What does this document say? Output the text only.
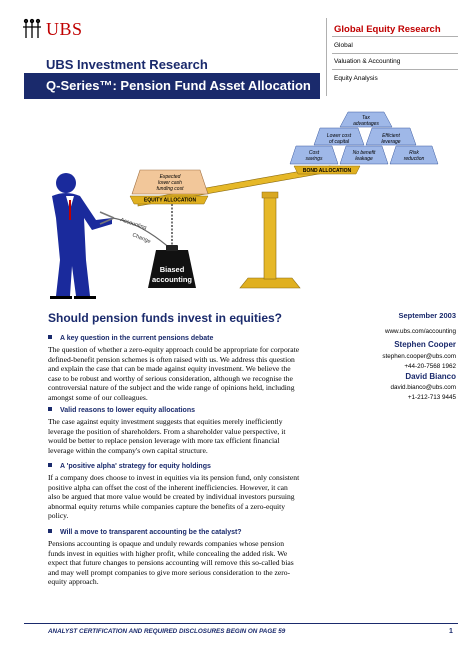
UBS
UBS Investment Research
Q-Series™: Pension Fund Asset Allocation
Global Equity Research
Global
Valuation & Accounting
Equity Analysis
Expected
lower cash
funding cost
EQUITY ALLOCATION
BOND ALLOCATION
Cost
savings
No benefit
leakage
Risk
reduction
Lower cost
of capital
Efficient
leverage
Tax
advantages
Accounting
Change
Biased
accounting
Should pension funds invest in equities?
A key question in the current pensions debate
The question of whether a zero-equity approach could be appropriate for corporate
defined-benefit pension schemes is often raised with us. We address this question
and explain the case that can be made against equity investment. We believe the
case to be robust and worthy of serious consideration, although we recognise the
controversial nature of the subject and the wide range of opinions held, including
amongst some of our colleagues.
Valid reasons to lower equity allocations
The case against equity investment suggests that equities merely inefficiently
leverage the position of shareholders. From a shareholder value perspective, it
would be better to replace pension leverage with more tax efficient financial
leverage within the company's own capital structure.
A 'positive alpha' strategy for equity holdings
If a company does choose to invest in equities via its pension fund, only consistent
positive alpha can offset the cost of the inherent inefficiencies. However, it can
also be argued that more value would be created by individual investors pursuing
abnormal equity returns while companies capture the benefits of a zero-equity
policy.
Will a move to transparent accounting be the catalyst?
Pensions accounting is opaque and unduly rewards companies whose pension
funds invest in equities with higher profit, while concealing the added risk. We
expect that future changes to pensions accounting will remove this so-called bias
and may well prompt companies to give more serious consideration to the zero-
equity approach.
September 2003
www.ubs.com/accounting
Stephen Cooper
stephen.cooper@ubs.com
+44-20-7568 1962
David Bianco
david.bianco@ubs.com
+1-212-713 9445
ANALYST CERTIFICATION AND REQUIRED DISCLOSURES BEGIN ON PAGE 59	1
